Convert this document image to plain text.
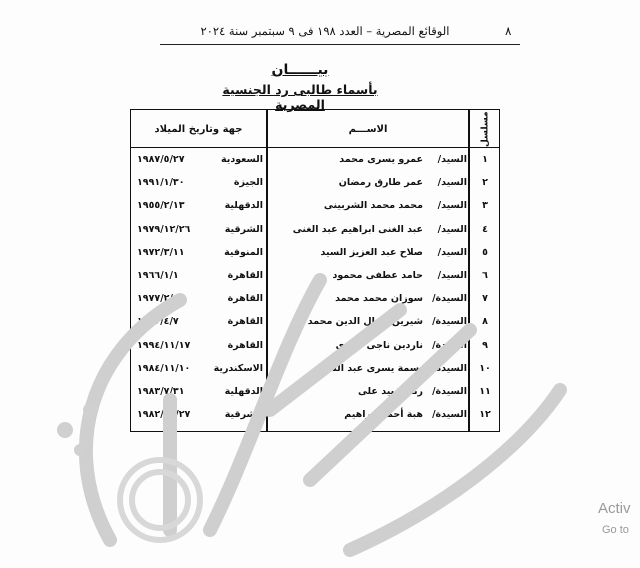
٨
الوقائع المصرية – العدد ١٩٨ فى ٩ سبتمبر سنة ٢٠٢٤
بيــــــان
بأسماء طالبى رد الجنسية المصرية
جهة وتاريخ الميلاد	الاســـم	مسلسل
١٩٨٧/٥/٢٧	السعودية	عمرو يسرى محمد	السيد/	١
١٩٩١/١/٣٠	الجيزة	عمر طارق رمضان	السيد/	٢
١٩٥٥/٢/١٣	الدقهلية	محمد محمد الشربينى	السيد/	٣
١٩٧٩/١٢/٢٦	الشرقية	عبد الغنى ابراهيم عبد الغنى	السيد/	٤
١٩٧٢/٣/١١	المنوفية	صلاح عبد العزيز السيد	السيد/	٥
١٩٦٦/١/١	القاهرة	حامد عطفى محمود	السيد/	٦
١٩٧٧/٢/١٦	القاهرة	سوزان محمد محمد السيدة/	٧
١٩٨٣/٤/٧	القاهرة	شيرين جمال الدين محمد السيدة/	٨
١٩٩٤/١١/١٧	القاهرة	ناردين ناجى فخرى السيدة/	٩
١٩٨٤/١١/١٠	الاسكندرية	نسمة يسرى عبد السلام السيدة/	١٠
١٩٨٣/٧/٣١	الدقهلية	رنا السيد على السيدة/	١١
١٩٨٢/١١/٢٧	الشرقية	هبة أحمد ابراهيم السيدة/	١٢
Activ
Go to
